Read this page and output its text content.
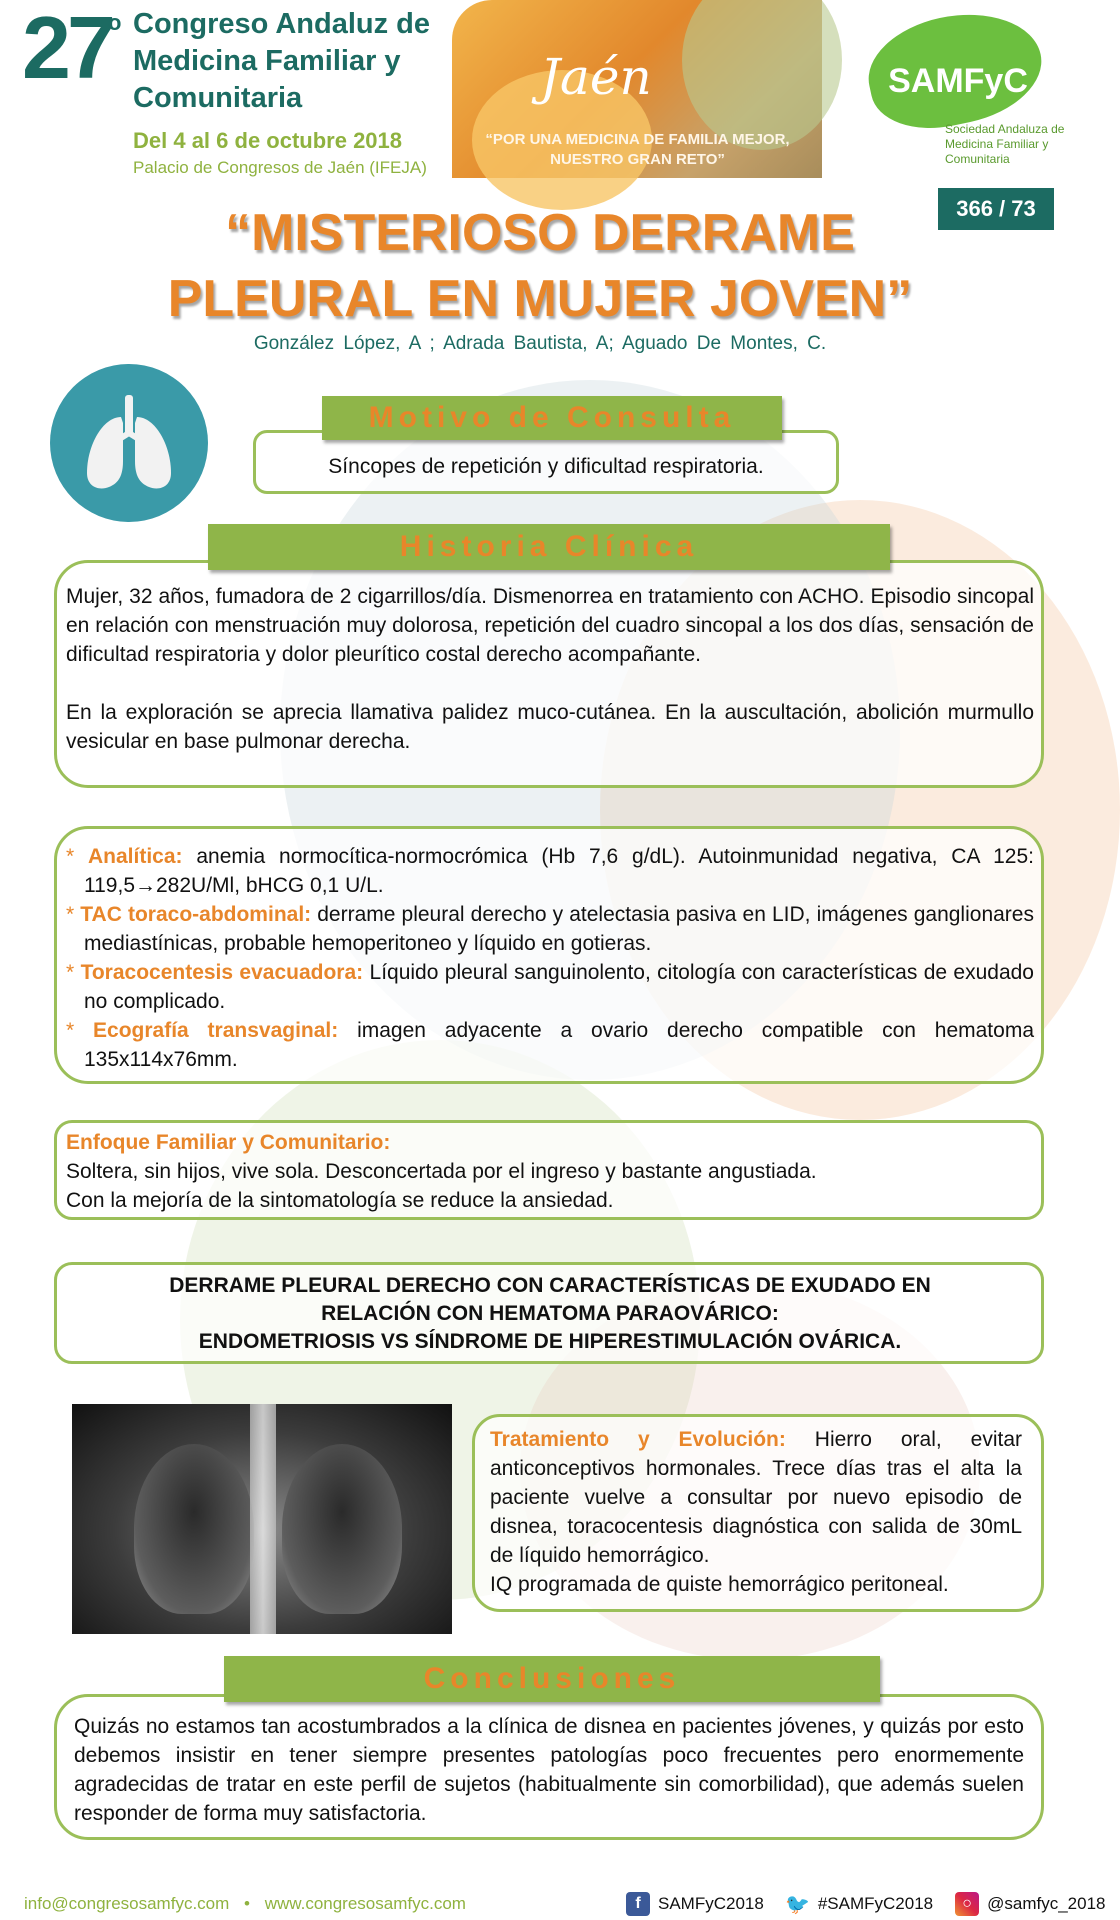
27
o Congreso Andaluz de Medicina Familiar y Comunitaria
Del 4 al 6 de octubre 2018
Palacio de Congresos de Jaén (IFEJA)
Jaén
“POR UNA MEDICINA DE FAMILIA MEJOR, NUESTRO GRAN RETO”
SAMFyC
Sociedad Andaluza de Medicina Familiar y Comunitaria
366 / 73
“MISTERIOSO DERRAME
PLEURAL EN MUJER JOVEN”
González López, A ; Adrada Bautista, A; Aguado De Montes, C.
Motivo de Consulta
Síncopes de repetición y dificultad respiratoria.
Historia Clínica
Mujer, 32 años, fumadora de 2 cigarrillos/día. Dismenorrea en tratamiento con ACHO. Episodio sincopal en relación con menstruación muy dolorosa, repetición del cuadro sincopal a los dos días, sensación de dificultad respiratoria y dolor pleurítico costal derecho acompañante.
En la exploración se aprecia llamativa palidez muco-cutánea. En la auscultación, abolición murmullo vesicular en base pulmonar derecha.
* Analítica: anemia normocítica-normocrómica (Hb 7,6 g/dL). Autoinmunidad negativa, CA 125: 119,5→282U/Ml, bHCG 0,1 U/L.
* TAC toraco-abdominal: derrame pleural derecho y atelectasia pasiva en LID, imágenes ganglionares mediastínicas, probable hemoperitoneo y líquido en gotieras.
* Toracocentesis evacuadora: Líquido pleural sanguinolento, citología con características de exudado no complicado.
* Ecografía transvaginal: imagen adyacente a ovario derecho compatible con hematoma 135x114x76mm.
Enfoque Familiar y Comunitario:
Soltera, sin hijos, vive sola. Desconcertada por el ingreso y bastante angustiada.
Con la mejoría de la sintomatología se reduce la ansiedad.
DERRAME PLEURAL DERECHO CON CARACTERÍSTICAS DE EXUDADO EN
RELACIÓN CON HEMATOMA PARAOVÁRICO:
ENDOMETRIOSIS VS SÍNDROME DE HIPERESTIMULACIÓN OVÁRICA.
Tratamiento y Evolución: Hierro oral, evitar anticonceptivos hormonales. Trece días tras el alta la paciente vuelve a consultar por nuevo episodio de disnea, toracocentesis diagnóstica con salida de 30mL de líquido hemorrágico.
IQ programada de quiste hemorrágico peritoneal.
Conclusiones
Quizás no estamos tan acostumbrados a la clínica de disnea en pacientes jóvenes, y quizás por esto debemos insistir en tener siempre presentes patologías poco frecuentes pero enormemente agradecidas de tratar en este perfil de sujetos (habitualmente sin comorbilidad), que además suelen responder de forma muy satisfactoria.
info@congresosamfyc.com • www.congresosamfyc.com	f	SAMFyC2018 🐦 #SAMFyC2018	○ @samfyc_2018
